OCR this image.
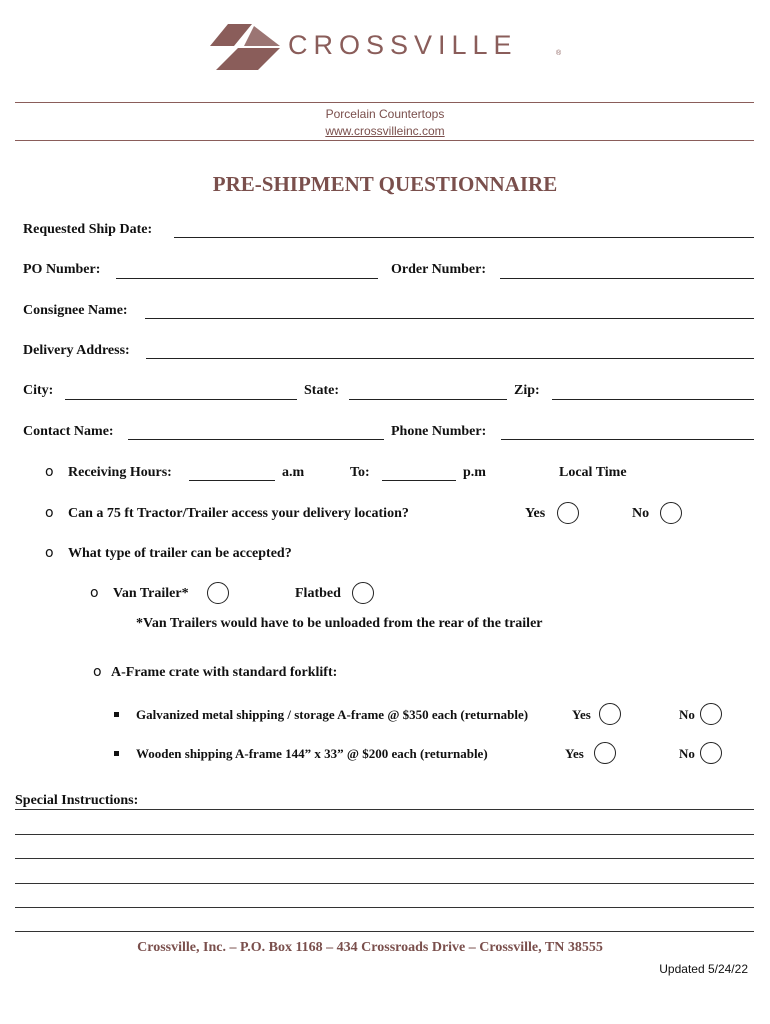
CROSSVILLE	®
Porcelain Countertops
www.crossvilleinc.com
PRE-SHIPMENT QUESTIONNAIRE
Requested Ship Date:
PO Number:	Order Number:
Consignee Name:
Delivery Address:
City:	State:	Zip:
Contact Name:	Phone Number:
o Receiving Hours:	a.m	To:	p.m	Local Time
o Can a 75 ft Tractor/Trailer access your delivery location?	Yes	No
o What type of trailer can be accepted?
o Van Trailer*	Flatbed
*Van Trailers would have to be unloaded from the rear of the trailer
o A-Frame crate with standard forklift:
Galvanized metal shipping / storage A-frame @ $350 each (returnable)	Yes	No
Wooden shipping A-frame 144” x 33” @ $200 each (returnable)	Yes	No
Special Instructions:
Crossville, Inc. – P.O. Box 1168 – 434 Crossroads Drive – Crossville, TN 38555
Updated 5/24/22
